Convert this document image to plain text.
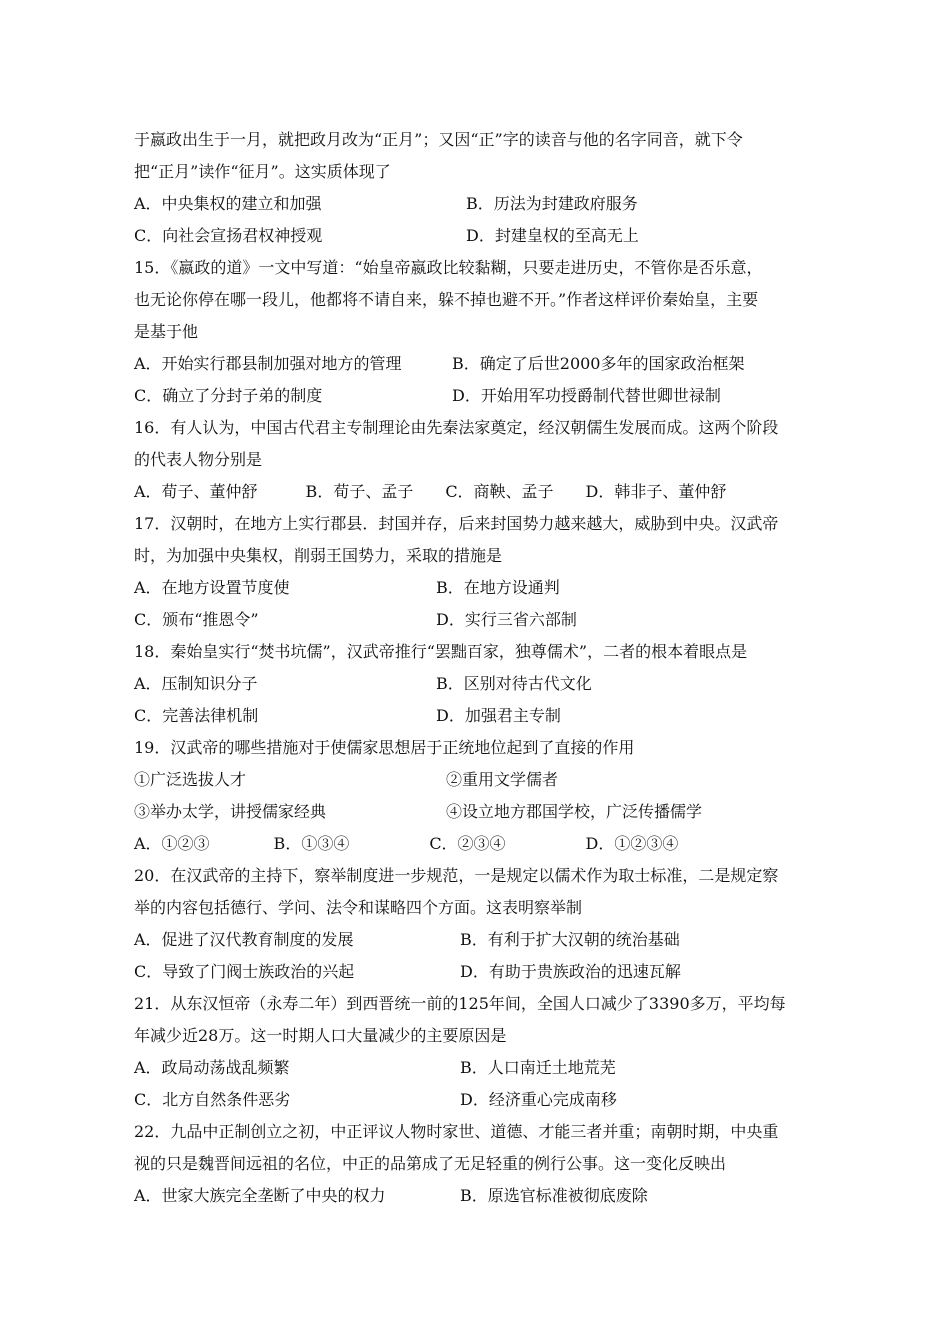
于嬴政出生于一月，就把政月改为“正月”；又因“正”字的读音与他的名字同音，就下令
把“正月”读作“征月”。这实质体现了
A．中央集权的建立和加强	B．历法为封建政府服务
C．向社会宣扬君权神授观	D．封建皇权的至高无上
15．《嬴政的道》一文中写道：“始皇帝嬴政比较黏糊，只要走进历史，不管你是否乐意，
也无论你停在哪一段儿，他都将不请自来，躲不掉也避不开。”作者这样评价秦始皇，主要
是基于他
A．开始实行郡县制加强对地方的管理	B．确定了后世2000多年的国家政治框架
C．确立了分封子弟的制度	D．开始用军功授爵制代替世卿世禄制
16．有人认为，中国古代君主专制理论由先秦法家奠定，经汉朝儒生发展而成。这两个阶段
的代表人物分别是
A．荀子、董仲舒　　　B．荀子、孟子　　C．商鞅、孟子　　D．韩非子、董仲舒
17．汉朝时，在地方上实行郡县．封国并存，后来封国势力越来越大，威胁到中央。汉武帝
时，为加强中央集权，削弱王国势力，采取的措施是
A．在地方设置节度使	B．在地方设通判
C．颁布“推恩令”	D．实行三省六部制
18．秦始皇实行“焚书坑儒”，汉武帝推行“罢黜百家，独尊儒术”，二者的根本着眼点是
A．压制知识分子	B．区别对待古代文化
C．完善法律机制	D．加强君主专制
19．汉武帝的哪些措施对于使儒家思想居于正统地位起到了直接的作用
①广泛选拔人才	②重用文学儒者
③举办太学，讲授儒家经典	④设立地方郡国学校，广泛传播儒学
A．①②③　　　　B．①③④　　　　　C．②③④　　　　　D．①②③④
20．在汉武帝的主持下，察举制度进一步规范，一是规定以儒术作为取士标准，二是规定察
举的内容包括德行、学问、法令和谋略四个方面。这表明察举制
A．促进了汉代教育制度的发展	B．有利于扩大汉朝的统治基础
C．导致了门阀士族政治的兴起	D．有助于贵族政治的迅速瓦解
21．从东汉恒帝（永寿二年）到西晋统一前的125年间，全国人口减少了3390多万，平均每
年减少近28万。这一时期人口大量减少的主要原因是
A．政局动荡战乱频繁	B．人口南迁土地荒芜
C．北方自然条件恶劣	D．经济重心完成南移
22．九品中正制创立之初，中正评议人物时家世、道德、才能三者并重；南朝时期，中央重
视的只是魏晋间远祖的名位，中正的品第成了无足轻重的例行公事。这一变化反映出
A．世家大族完全垄断了中央的权力	B．原选官标准被彻底废除
